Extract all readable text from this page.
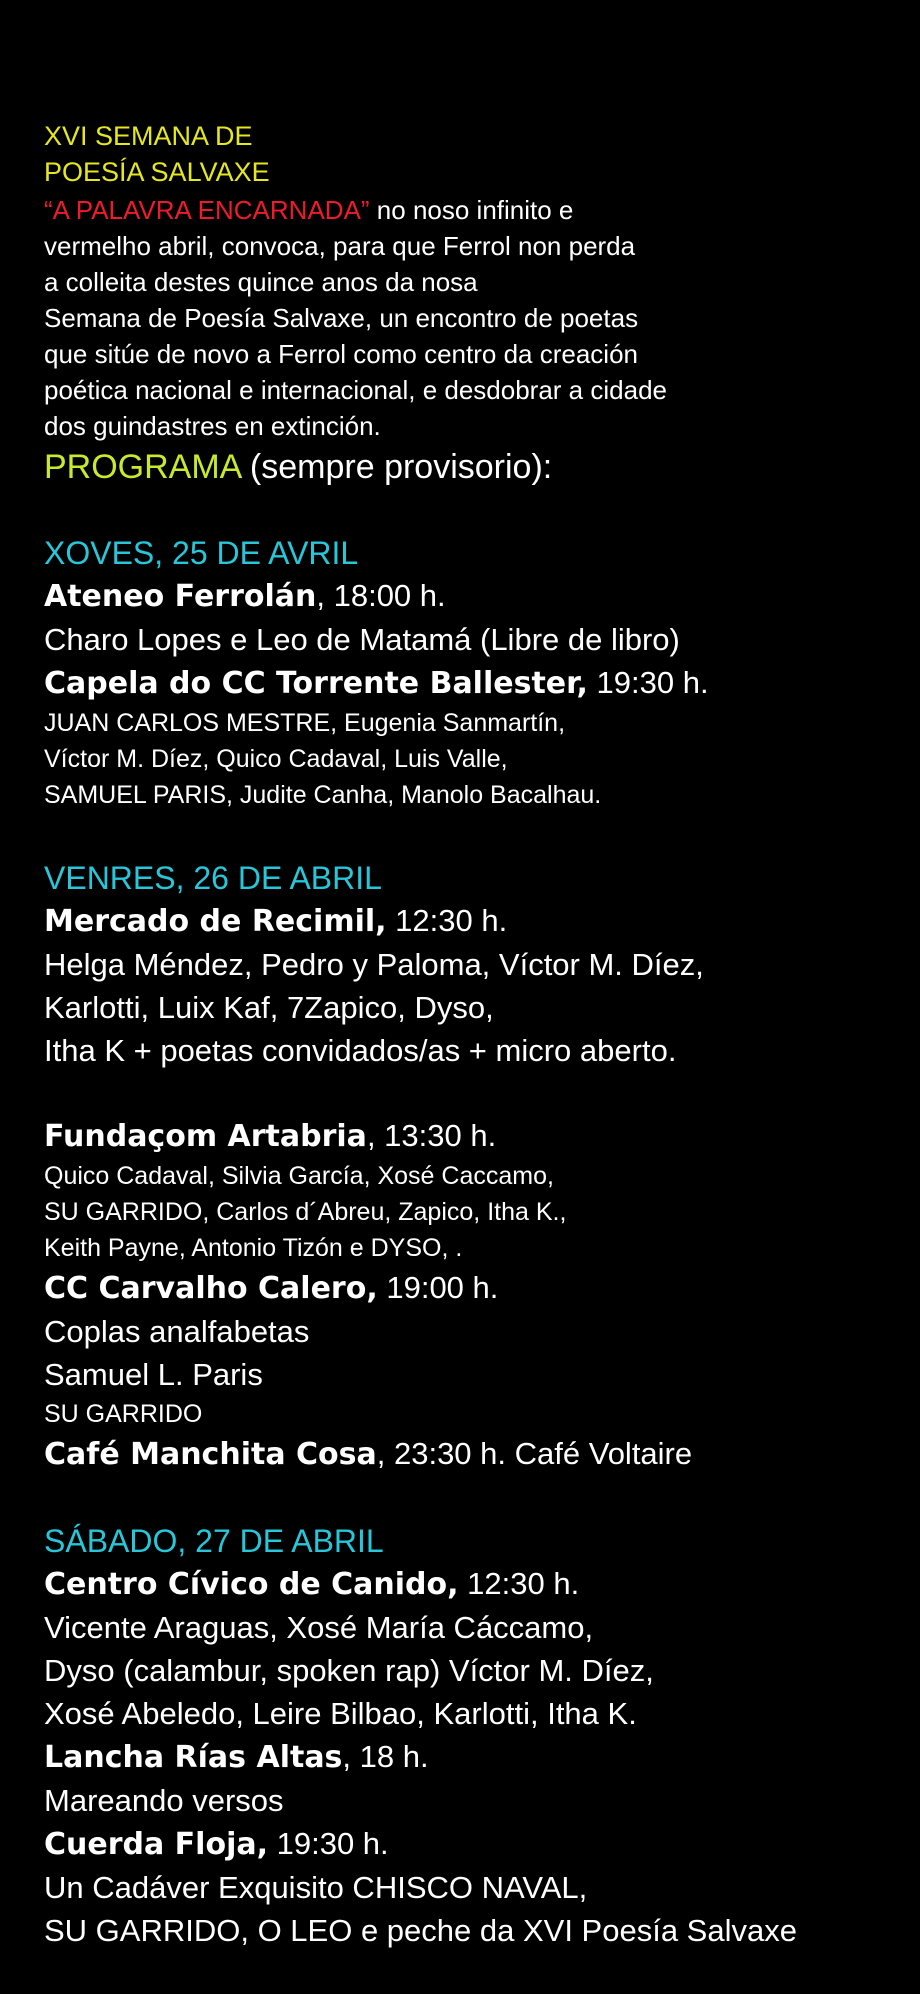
XVI SEMANA DE

POESÍA SALVAXE

“A PALAVRA ENCARNADA” no noso infinito e

vermelho abril, convoca, para que Ferrol non perda

a colleita destes quince anos da nosa

Semana de Poesía Salvaxe, un encontro de poetas

que sitúe de novo a Ferrol como centro da creación

poética nacional e internacional, e desdobrar a cidade

dos guindastres en extinción.

PROGRAMA (sempre provisorio):

XOVES, 25 DE AVRIL

Ateneo Ferrolán, 18:00 h.

Charo Lopes e Leo de Matamá (Libre de libro)

Capela do CC Torrente Ballester, 19:30 h.

JUAN CARLOS MESTRE, Eugenia Sanmartín,

Víctor M. Díez, Quico Cadaval, Luis Valle,

SAMUEL PARIS, Judite Canha, Manolo Bacalhau.

VENRES, 26 DE ABRIL

Mercado de Recimil, 12:30 h.

Helga Méndez, Pedro y Paloma, Víctor M. Díez,

Karlotti, Luix Kaf, 7Zapico, Dyso,

Itha K + poetas convidados/as + micro aberto.

Fundaçom Artabria, 13:30 h.

Quico Cadaval, Silvia García, Xosé Caccamo,

SU GARRIDO, Carlos d´Abreu, Zapico, Itha K.,

Keith Payne, Antonio Tizón e DYSO, .

CC Carvalho Calero, 19:00 h.

Coplas analfabetas

Samuel L. Paris

SU GARRIDO

Café Manchita Cosa, 23:30 h. Café Voltaire

SÁBADO, 27 DE ABRIL

Centro Cívico de Canido, 12:30 h.

Vicente Araguas, Xosé María Cáccamo,

Dyso (calambur, spoken rap) Víctor M. Díez,

Xosé Abeledo, Leire Bilbao, Karlotti, Itha K.

Lancha Rías Altas, 18 h.

Mareando versos

Cuerda Floja, 19:30 h.

Un Cadáver Exquisito CHISCO NAVAL,

SU GARRIDO, O LEO e peche da XVI Poesía Salvaxe
